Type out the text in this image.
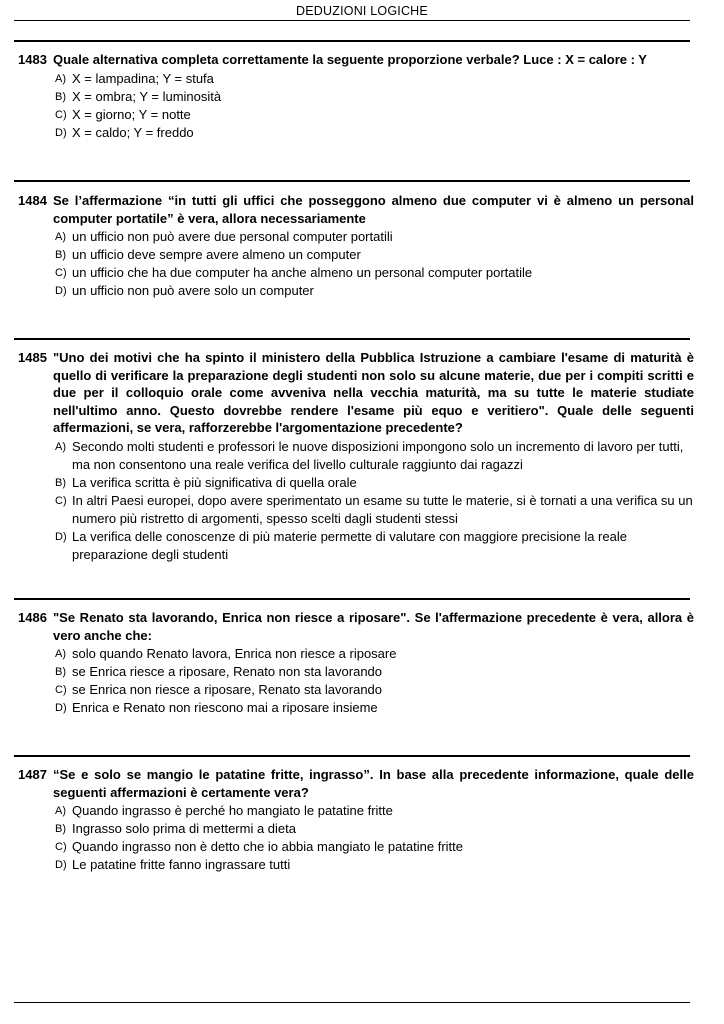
DEDUZIONI LOGICHE
1483 Quale alternativa completa correttamente la seguente proporzione verbale? Luce : X = calore : Y
A) X = lampadina; Y = stufa
B) X = ombra; Y = luminosità
C) X = giorno; Y = notte
D) X = caldo; Y = freddo
1484 Se l’affermazione “in tutti gli uffici che posseggono almeno due computer vi è almeno un personal computer portatile” è vera, allora necessariamente
A) un ufficio non può avere due personal computer portatili
B) un ufficio deve sempre avere almeno un computer
C) un ufficio che ha due computer ha anche almeno un personal computer portatile
D) un ufficio non può avere solo un computer
1485 "Uno dei motivi che ha spinto il ministero della Pubblica Istruzione a cambiare l'esame di maturità è quello di verificare la preparazione degli studenti non solo su alcune materie, due per i compiti scritti e due per il colloquio orale come avveniva nella vecchia maturità, ma su tutte le materie studiate nell'ultimo anno. Questo dovrebbe rendere l'esame più equo e veritiero". Quale delle seguenti affermazioni, se vera, rafforzerebbe l'argomentazione precedente?
A) Secondo molti studenti e professori le nuove disposizioni impongono solo un incremento di lavoro per tutti, ma non consentono una reale verifica del livello culturale raggiunto dai ragazzi
B) La verifica scritta è più significativa di quella orale
C) In altri Paesi europei, dopo avere sperimentato un esame su tutte le materie, si è tornati a una verifica su un numero più ristretto di argomenti, spesso scelti dagli studenti stessi
D) La verifica delle conoscenze di più materie permette di valutare con maggiore precisione la reale preparazione degli studenti
1486 "Se Renato sta lavorando, Enrica non riesce a riposare". Se l'affermazione precedente è vera, allora è vero anche che:
A) solo quando Renato lavora, Enrica non riesce a riposare
B) se Enrica riesce a riposare, Renato non sta lavorando
C) se Enrica non riesce a riposare, Renato sta lavorando
D) Enrica e Renato non riescono mai a riposare insieme
1487 “Se e solo se mangio le patatine fritte, ingrasso”. In base alla precedente informazione, quale delle seguenti affermazioni è certamente vera?
A) Quando ingrasso è perché ho mangiato le patatine fritte
B) Ingrasso solo prima di mettermi a dieta
C) Quando ingrasso non è detto che io abbia mangiato le patatine fritte
D) Le patatine fritte fanno ingrassare tutti
